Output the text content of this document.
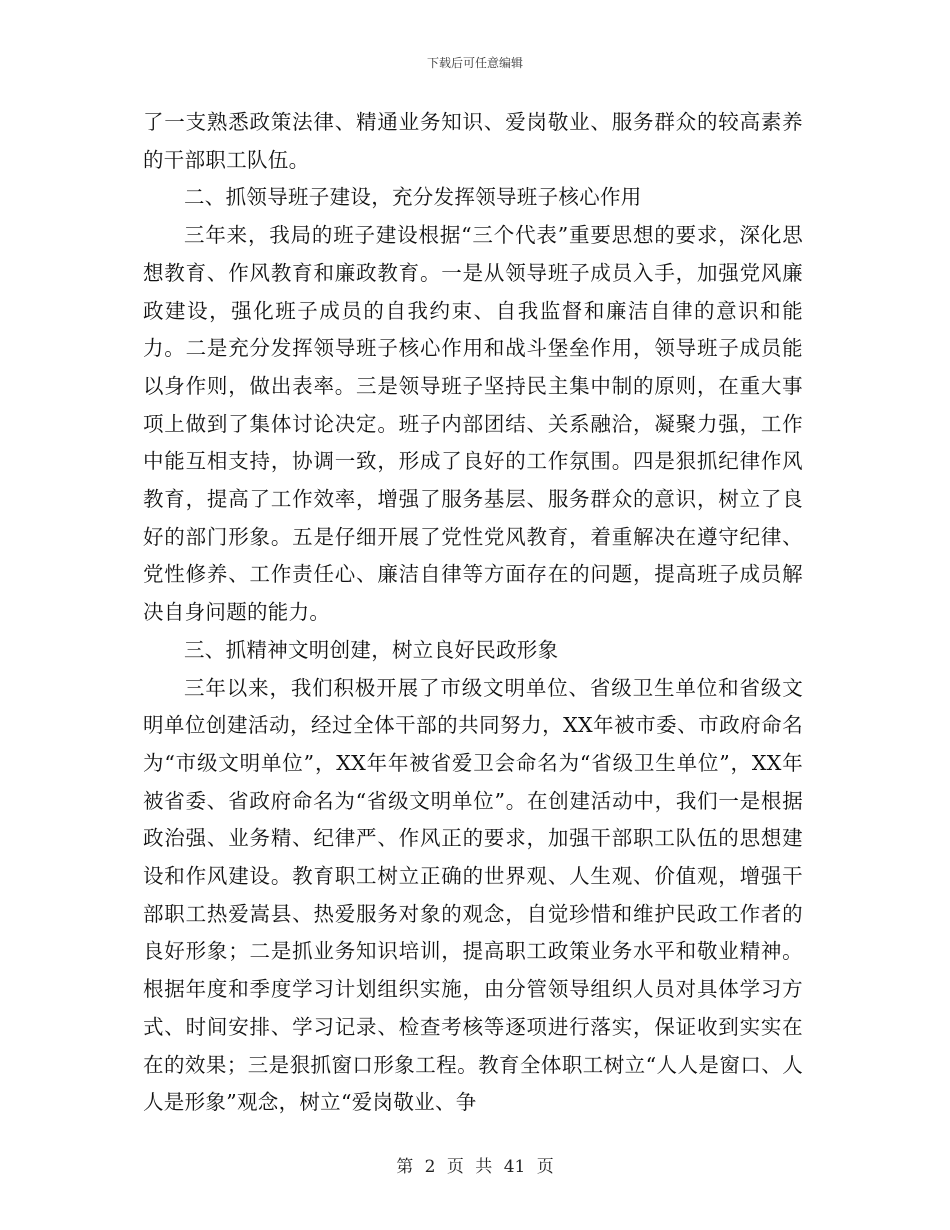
下载后可任意编辑

了一支熟悉政策法律、精通业务知识、爱岗敬业、服务群众的较高素养的干部职工队伍。

二、抓领导班子建设，充分发挥领导班子核心作用

三年来，我局的班子建设根据“三个代表”重要思想的要求，深化思想教育、作风教育和廉政教育。一是从领导班子成员入手，加强党风廉政建设，强化班子成员的自我约束、自我监督和廉洁自律的意识和能力。二是充分发挥领导班子核心作用和战斗堡垒作用，领导班子成员能以身作则，做出表率。三是领导班子坚持民主集中制的原则，在重大事项上做到了集体讨论决定。班子内部团结、关系融洽，凝聚力强，工作中能互相支持，协调一致，形成了良好的工作氛围。四是狠抓纪律作风教育，提高了工作效率，增强了服务基层、服务群众的意识，树立了良好的部门形象。五是仔细开展了党性党风教育，着重解决在遵守纪律、党性修养、工作责任心、廉洁自律等方面存在的问题，提高班子成员解决自身问题的能力。

三、抓精神文明创建，树立良好民政形象

三年以来，我们积极开展了市级文明单位、省级卫生单位和省级文明单位创建活动，经过全体干部的共同努力，XX年被市委、市政府命名为“市级文明单位”，XX年年被省爱卫会命名为“省级卫生单位”，XX年被省委、省政府命名为“省级文明单位”。在创建活动中，我们一是根据政治强、业务精、纪律严、作风正的要求，加强干部职工队伍的思想建设和作风建设。教育职工树立正确的世界观、人生观、价值观，增强干部职工热爱嵩县、热爱服务对象的观念，自觉珍惜和维护民政工作者的良好形象；二是抓业务知识培训，提高职工政策业务水平和敬业精神。根据年度和季度学习计划组织实施，由分管领导组织人员对具体学习方式、时间安排、学习记录、检查考核等逐项进行落实，保证收到实实在在的效果；三是狠抓窗口形象工程。教育全体职工树立“人人是窗口、人人是形象”观念，树立“爱岗敬业、争

第 2 页 共 41 页
